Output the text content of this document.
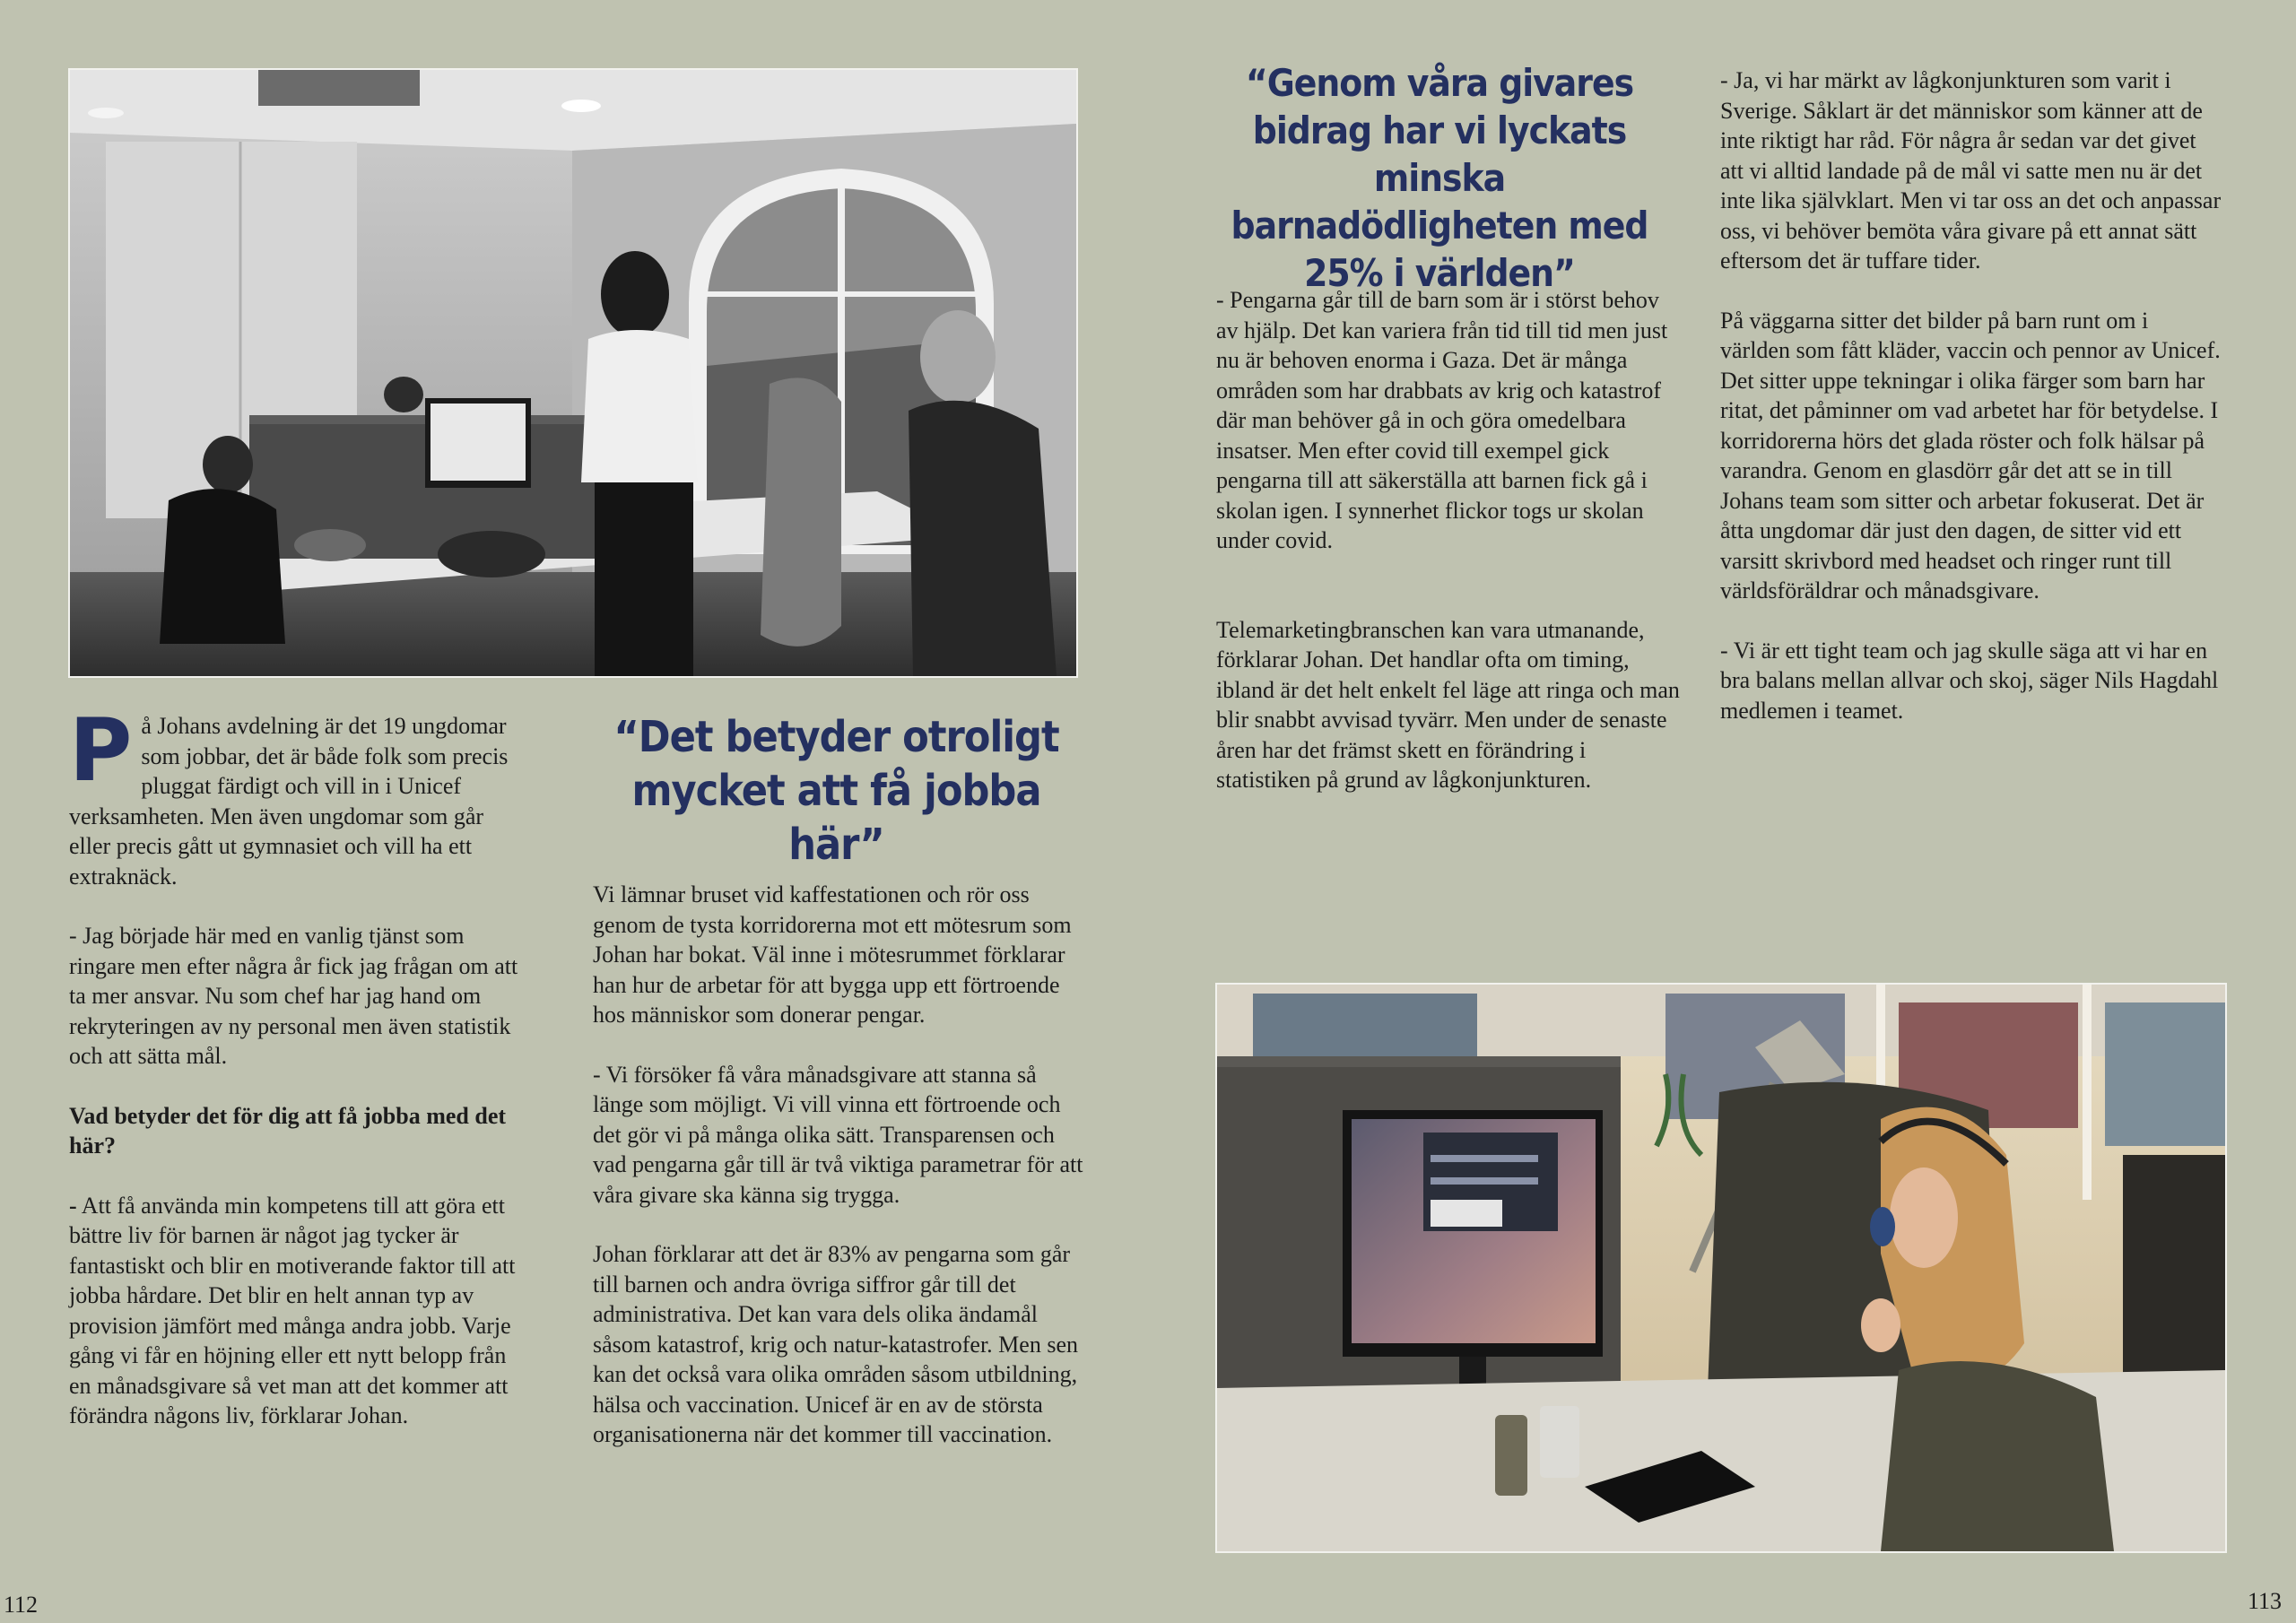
“Genom våra givares bidrag har vi lyckats minska barnadödligheten med 25% i världen”
“Det betyder otroligt mycket att få jobba här”

P å Johans avdelning är det 19 ungdomar som jobbar, det är både folk som precis pluggat färdigt och vill in i Unicef verksamheten. Men även ungdomar som går eller precis gått ut gymnasiet och vill ha ett extraknäck.

- Jag började här med en vanlig tjänst som ringare men efter några år fick jag frågan om att ta mer ansvar. Nu som chef har jag hand om rekryteringen av ny personal men även statistik och att sätta mål.

Vad betyder det för dig att få jobba med det här?

- Att få använda min kompetens till att göra ett bättre liv för barnen är något jag tycker är fantastiskt och blir en motiverande faktor till att jobba hårdare. Det blir en helt annan typ av provision jämfört med många andra jobb. Varje gång vi får en höjning eller ett nytt belopp från en månadsgivare så vet man att det kommer att förändra någons liv, förklarar Johan.

Vi lämnar bruset vid kaffestationen och rör oss genom de tysta korridorerna mot ett mötesrum som Johan har bokat. Väl inne i mötesrummet förklarar han hur de arbetar för att bygga upp ett förtroende hos människor som donerar pengar.

- Vi försöker få våra månadsgivare att stanna så länge som möjligt. Vi vill vinna ett förtroende och det gör vi på många olika sätt. Transparensen och vad pengarna går till är två viktiga parametrar för att våra givare ska känna sig trygga.

Johan förklarar att det är 83% av pengarna som går till barnen och andra övriga siffror går till det administrativa. Det kan vara dels olika ändamål såsom katastrof, krig och natur-katastrofer. Men sen kan det också vara olika områden såsom utbildning, hälsa och vaccination. Unicef är en av de största organisationerna när det kommer till vaccination.

- Pengarna går till de barn som är i störst behov av hjälp. Det kan variera från tid till tid men just nu är behoven enorma i Gaza. Det är många områden som har drabbats av krig och katastrof där man behöver gå in och göra omedelbara insatser. Men efter covid till exempel gick pengarna till att säkerställa att barnen fick gå i skolan igen. I synnerhet flickor togs ur skolan under covid.

Telemarketingbranschen kan vara utmanande, förklarar Johan. Det handlar ofta om timing, ibland är det helt enkelt fel läge att ringa och man blir snabbt avvisad tyvärr. Men under de senaste åren har det främst skett en förändring i statistiken på grund av lågkonjunkturen.

- Ja, vi har märkt av lågkonjunkturen som varit i Sverige. Såklart är det människor som känner att de inte riktigt har råd. För några år sedan var det givet att vi alltid landade på de mål vi satte men nu är det inte lika självklart. Men vi tar oss an det och anpassar oss, vi behöver bemöta våra givare på ett annat sätt eftersom det är tuffare tider.

På väggarna sitter det bilder på barn runt om i världen som fått kläder, vaccin och pennor av Unicef. Det sitter uppe tekningar i olika färger som barn har ritat, det påminner om vad arbetet har för betydelse. I korridorerna hörs det glada röster och folk hälsar på varandra. Genom en glasdörr går det att se in till Johans team som sitter och arbetar fokuserat. Det är åtta ungdomar där just den dagen, de sitter vid ett varsitt skrivbord med headset och ringer runt till världsföräldrar och månadsgivare.

- Vi är ett tight team och jag skulle säga att vi har en bra balans mellan allvar och skoj, säger Nils Hagdahl medlemen i teamet.

112	113
